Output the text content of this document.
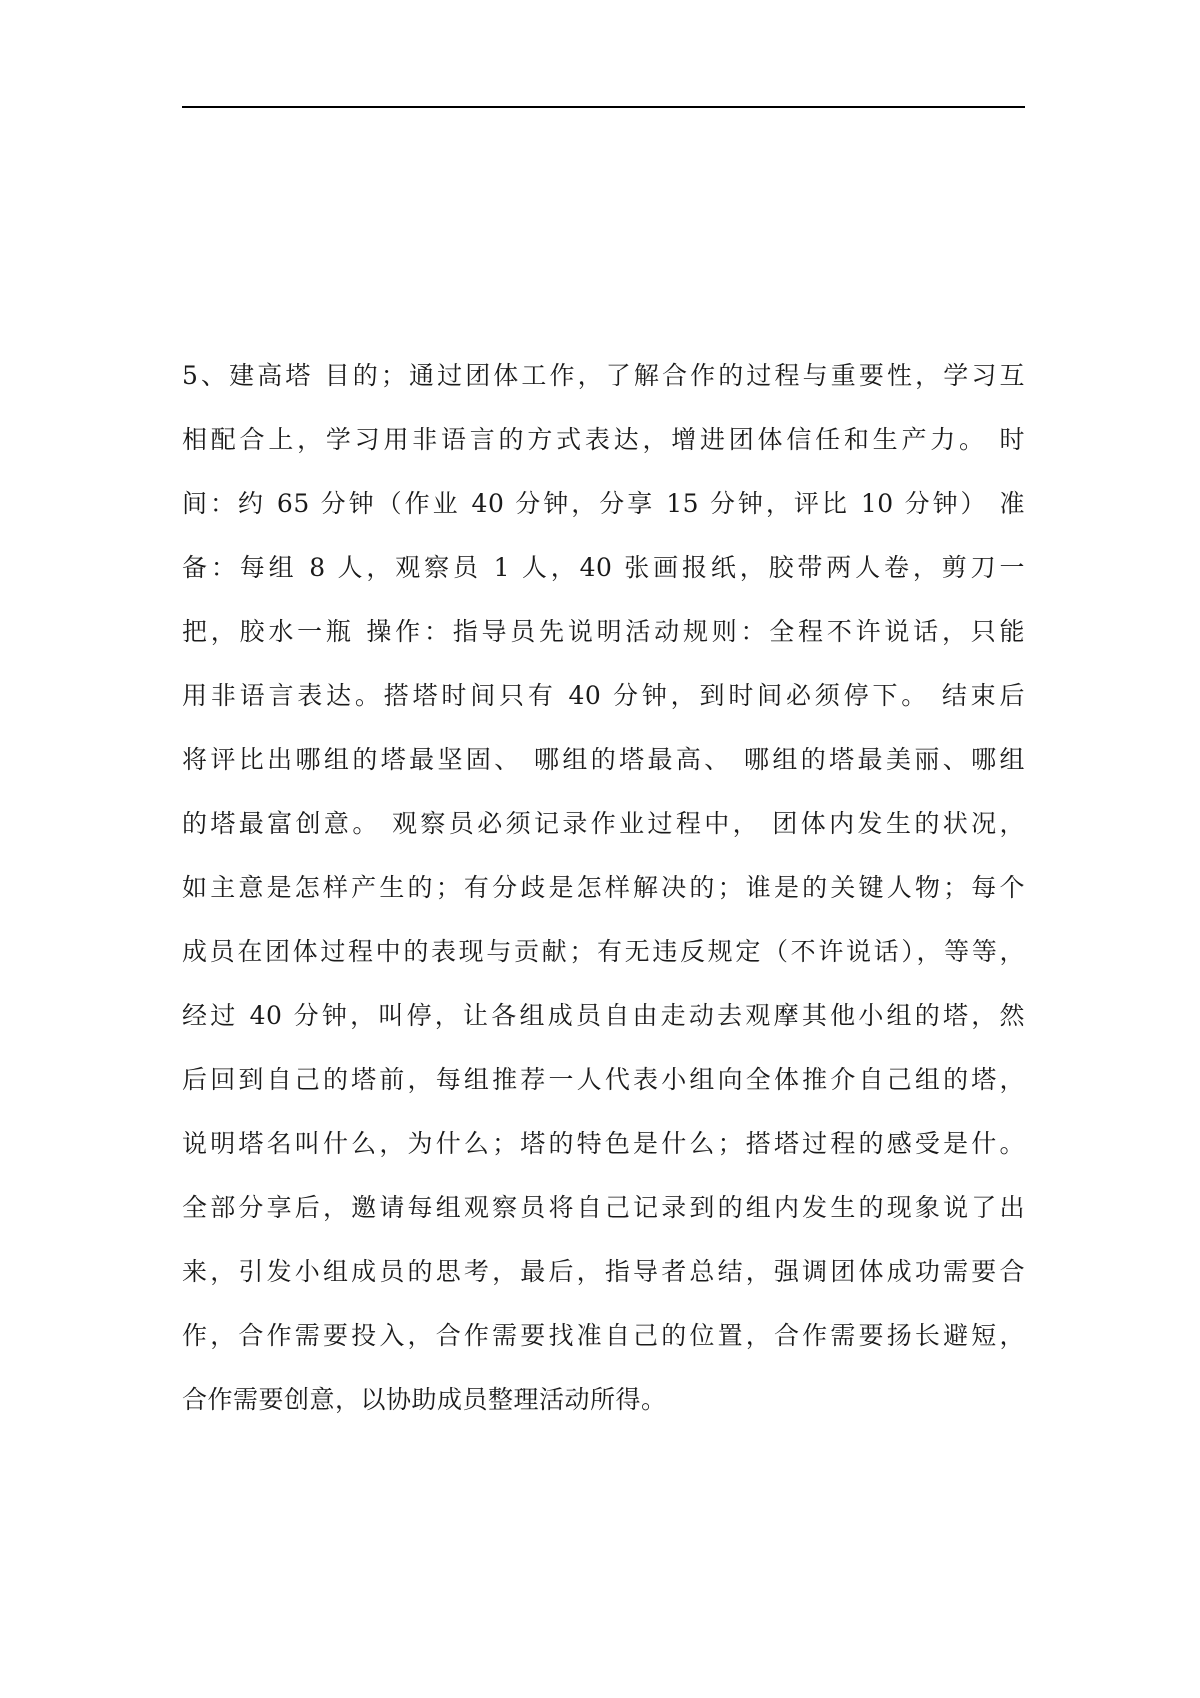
5、建高塔 目的；通过团体工作，了解合作的过程与重要性，学习互
相配合上，学习用非语言的方式表达，增进团体信任和生产力。 时
间：约 65 分钟（作业 40 分钟，分享 15 分钟，评比 10 分钟） 准
备：每组 8 人，观察员 1 人，40 张画报纸，胶带两人卷，剪刀一
把，胶水一瓶 操作：指导员先说明活动规则：全程不许说话，只能
用非语言表达。搭塔时间只有 40 分钟，到时间必须停下。 结束后
将评比出哪组的塔最坚固、 哪组的塔最高、 哪组的塔最美丽、哪组
的塔最富创意。 观察员必须记录作业过程中， 团体内发生的状况，
如主意是怎样产生的；有分歧是怎样解决的；谁是的关键人物；每个
成员在团体过程中的表现与贡献；有无违反规定（不许说话），等等，
经过 40 分钟，叫停，让各组成员自由走动去观摩其他小组的塔，然
后回到自己的塔前，每组推荐一人代表小组向全体推介自己组的塔，
说明塔名叫什么，为什么；塔的特色是什么；搭塔过程的感受是什。
全部分享后，邀请每组观察员将自己记录到的组内发生的现象说了出
来，引发小组成员的思考，最后，指导者总结，强调团体成功需要合
作，合作需要投入，合作需要找准自己的位置，合作需要扬长避短，
合作需要创意，以协助成员整理活动所得。
